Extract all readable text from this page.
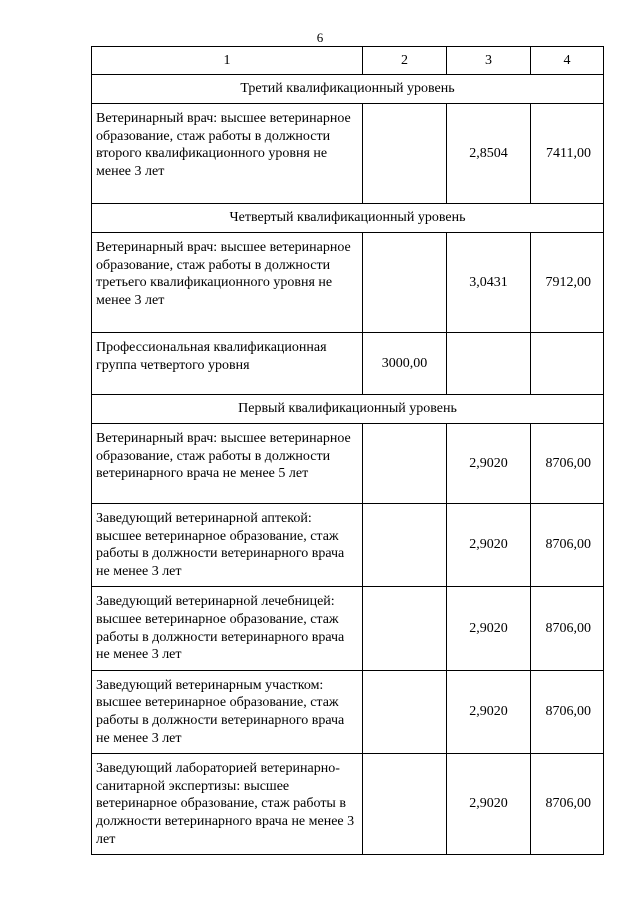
6
1	2	3	4
Третий квалификационный уровень			
Ветеринарный врач: высшее ветеринарное образование, стаж работы в должности второго квалификационного уровня не менее 3 лет		2,8504	7411,00
Четвертый квалификационный уровень			
Ветеринарный врач: высшее ветеринарное образование, стаж работы в должности третьего квалификационного уровня не менее 3 лет		3,0431	7912,00
Профессиональная квалификационная группа четвертого уровня	3000,00		
Первый квалификационный уровень			
Ветеринарный врач: высшее ветеринарное образование, стаж работы в должности ветеринарного врача не менее 5 лет		2,9020	8706,00
Заведующий ветеринарной аптекой: высшее ветеринарное образование, стаж работы в должности ветеринарного врача не менее 3 лет		2,9020	8706,00
Заведующий ветеринарной лечебницей: высшее ветеринарное образование, стаж работы в должности ветеринарного врача не менее 3 лет		2,9020	8706,00
Заведующий ветеринарным участком: высшее ветеринарное образование, стаж работы в должности ветеринарного врача не менее 3 лет		2,9020	8706,00
Заведующий лабораторией ветеринарно-санитарной экспертизы: высшее ветеринарное образование, стаж работы в должности ветеринарного врача не менее 3 лет		2,9020	8706,00
